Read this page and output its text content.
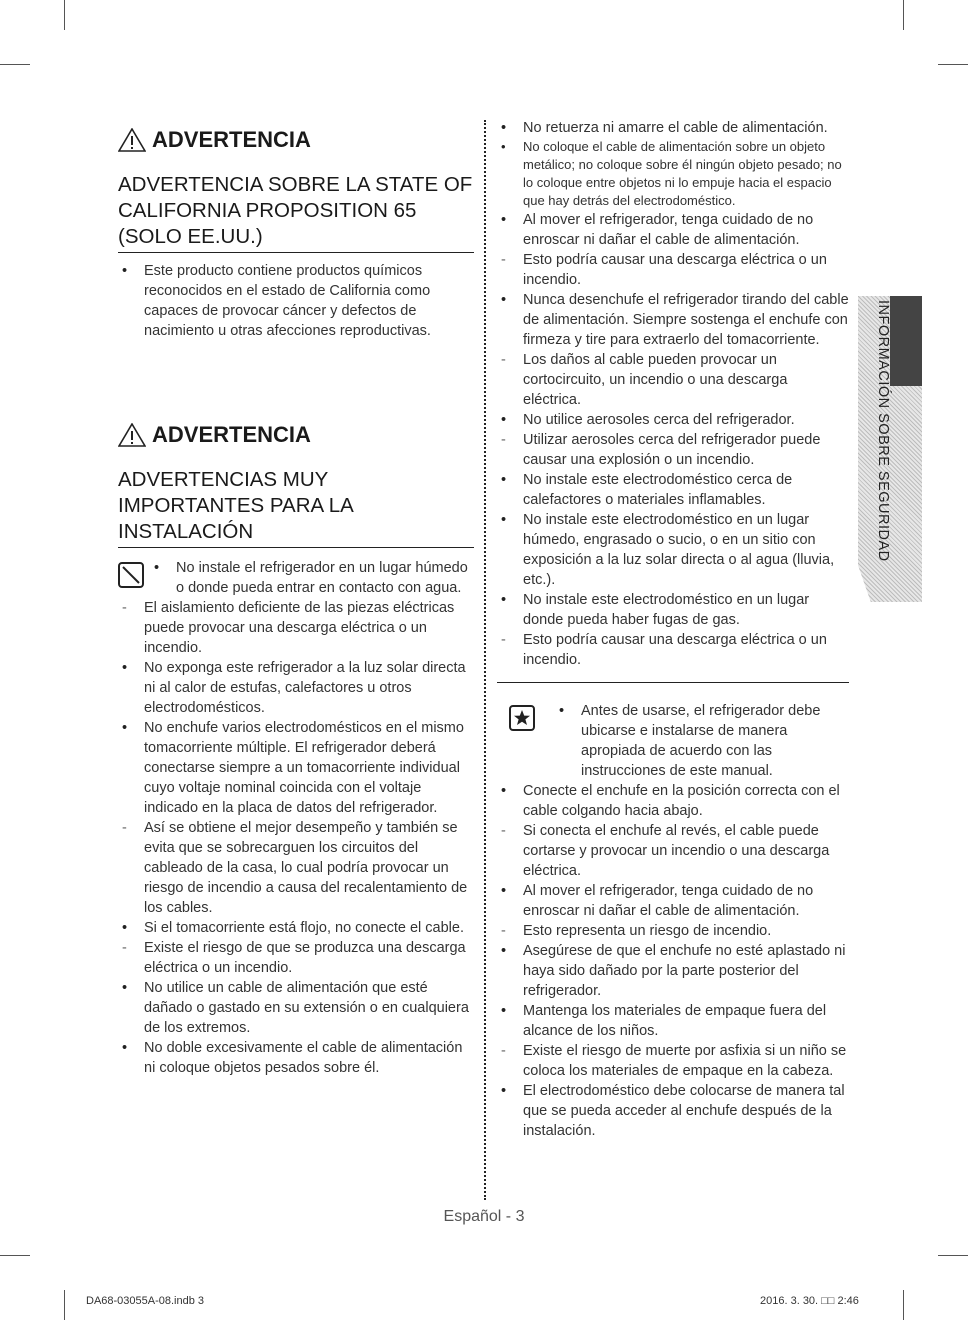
ADVERTENCIA
ADVERTENCIA SOBRE LA STATE OF CALIFORNIA PROPOSITION 65 (SOLO EE.UU.)
• Este producto contiene productos químicos reconocidos en el estado de California como capaces de provocar cáncer y defectos de nacimiento u otras afecciones reproductivas.
ADVERTENCIA
ADVERTENCIAS MUY IMPORTANTES PARA LA INSTALACIÓN
• No instale el refrigerador en un lugar húmedo o donde pueda entrar en contacto con agua.
- El aislamiento deficiente de las piezas eléctricas puede provocar una descarga eléctrica o un incendio.
• No exponga este refrigerador a la luz solar directa ni al calor de estufas, calefactores u otros electrodomésticos.
• No enchufe varios electrodomésticos en el mismo tomacorriente múltiple. El refrigerador deberá conectarse siempre a un tomacorriente individual cuyo voltaje nominal coincida con el voltaje indicado en la placa de datos del refrigerador.
- Así se obtiene el mejor desempeño y también se evita que se sobrecarguen los circuitos del cableado de la casa, lo cual podría provocar un riesgo de incendio a causa del recalentamiento de los cables.
• Si el tomacorriente está flojo, no conecte el cable.
- Existe el riesgo de que se produzca una descarga eléctrica o un incendio.
• No utilice un cable de alimentación que esté dañado o gastado en su extensión o en cualquiera de los extremos.
• No doble excesivamente el cable de alimentación ni coloque objetos pesados sobre él.
• No retuerza ni amarre el cable de alimentación.
• No coloque el cable de alimentación sobre un objeto metálico; no coloque sobre él ningún objeto pesado; no lo coloque entre objetos ni lo empuje hacia el espacio que hay detrás del electrodoméstico.
• Al mover el refrigerador, tenga cuidado de no enroscar ni dañar el cable de alimentación.
- Esto podría causar una descarga eléctrica o un incendio.
• Nunca desenchufe el refrigerador tirando del cable de alimentación. Siempre sostenga el enchufe con firmeza y tire para extraerlo del tomacorriente.
- Los daños al cable pueden provocar un cortocircuito, un incendio o una descarga eléctrica.
• No utilice aerosoles cerca del refrigerador.
- Utilizar aerosoles cerca del refrigerador puede causar una explosión o un incendio.
• No instale este electrodoméstico cerca de calefactores o materiales inflamables.
• No instale este electrodoméstico en un lugar húmedo, engrasado o sucio, o en un sitio con exposición a la luz solar directa o al agua (lluvia, etc.).
• No instale este electrodoméstico en un lugar donde pueda haber fugas de gas.
- Esto podría causar una descarga eléctrica o un incendio.
• Antes de usarse, el refrigerador debe ubicarse e instalarse de manera apropiada de acuerdo con las instrucciones de este manual.
• Conecte el enchufe en la posición correcta con el cable colgando hacia abajo.
- Si conecta el enchufe al revés, el cable puede cortarse y provocar un incendio o una descarga eléctrica.
• Al mover el refrigerador, tenga cuidado de no enroscar ni dañar el cable de alimentación.
- Esto representa un riesgo de incendio.
• Asegúrese de que el enchufe no esté aplastado ni haya sido dañado por la parte posterior del refrigerador.
• Mantenga los materiales de empaque fuera del alcance de los niños.
- Existe el riesgo de muerte por asfixia si un niño se coloca los materiales de empaque en la cabeza.
• El electrodoméstico debe colocarse de manera tal que se pueda acceder al enchufe después de la instalación.
INFORMACIÓN SOBRE SEGURIDAD
Español - 3
DA68-03055A-08.indb 3	2016. 3. 30. □□ 2:46
